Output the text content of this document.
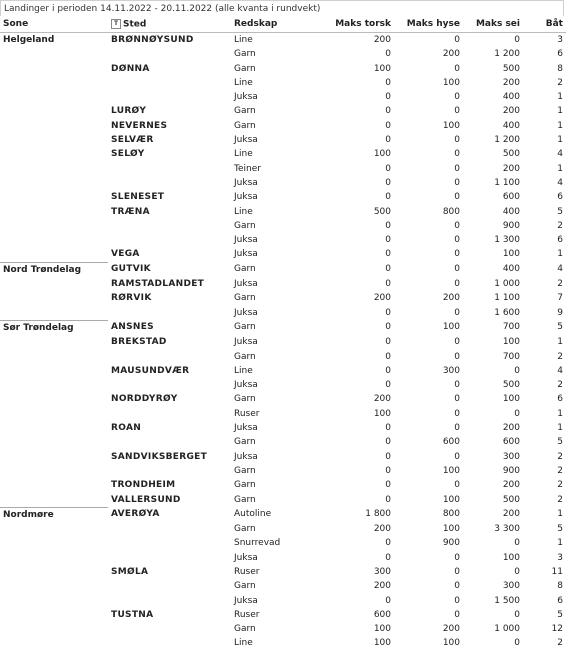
Landinger i perioden 14.11.2022 - 20.11.2022 (alle kvanta i rundvekt)
Sone	T Sted	Redskap	Maks torsk	Maks hyse	Maks sei	Båt
Helgeland	BRØNNØYSUND	Line	200	0	0	3
		Garn	0	200	1 200	6
	DØNNA	Garn	100	0	500	8
		Line	0	100	200	2
		Juksa	0	0	400	1
	LURØY	Garn	0	0	200	1
	NEVERNES	Garn	0	100	400	1
	SELVÆR	Juksa	0	0	1 200	1
	SELØY	Line	100	0	500	4
		Teiner	0	0	200	1
		Juksa	0	0	1 100	4
	SLENESET	Juksa	0	0	600	6
	TRÆNA	Line	500	800	400	5
		Garn	0	0	900	2
		Juksa	0	0	1 300	6
	VEGA	Juksa	0	0	100	1
Nord Trøndelag	GUTVIK	Garn	0	0	400	4
	RAMSTADLANDET	Juksa	0	0	1 000	2
	RØRVIK	Garn	200	200	1 100	7
		Juksa	0	0	1 600	9
Sør Trøndelag	ANSNES	Garn	0	100	700	5
	BREKSTAD	Juksa	0	0	100	1
		Garn	0	0	700	2
	MAUSUNDVÆR	Line	0	300	0	4
		Juksa	0	0	500	2
	NORDDYRØY	Garn	200	0	100	6
		Ruser	100	0	0	1
	ROAN	Juksa	0	0	200	1
		Garn	0	600	600	5
	SANDVIKSBERGET	Juksa	0	0	300	2
		Garn	0	100	900	2
	TRONDHEIM	Garn	0	0	200	2
	VALLERSUND	Garn	0	100	500	2
Nordmøre	AVERØYA	Autoline	1 800	800	200	1
		Garn	200	100	3 300	5
		Snurrevad	0	900	0	1
		Juksa	0	0	100	3
	SMØLA	Ruser	300	0	0	11
		Garn	200	0	300	8
		Juksa	0	0	1 500	6
	TUSTNA	Ruser	600	0	0	5
		Garn	100	200	1 000	12
		Line	100	100	0	2
